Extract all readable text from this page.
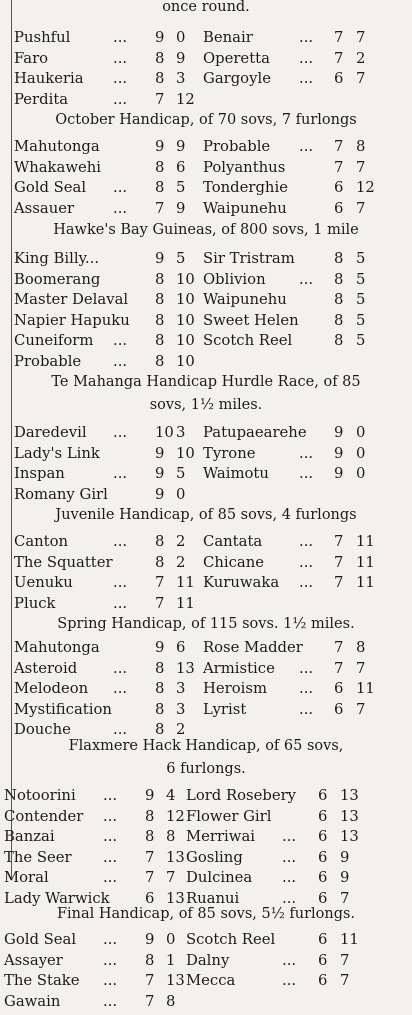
once round.
Pushful	... 9 0 Benair	... 7 7
Faro	... 8 9 Operetta ... 7 2
Haukeria ... 8 3 Gargoyle ... 6 7
Perdita	... 7 12
October Handicap, of 70 sovs, 7 furlongs
Mahutonga	9 9 Probable ... 7 8
Whakawehi	8 6 Polyanthus	7 7
Gold Seal ... 8 5 Tonderghie	6 12
Assauer	... 7 9 Waipunehu	6 7
Hawke's Bay Guineas, of 800 sovs, 1 mile
King Billy...	9 5 Sir Tristram	8 5
Boomerang	8 10 Oblivion ... 8 5
Master Delaval 8 10 Waipunehu	8 5
Napier Hapuku 8 10 Sweet Helen 8 5
Cuneiform ... 8 10 Scotch Reel	8 5
Probable ... 8 10
Te Mahanga Handicap Hurdle Race, of 85
sovs, 1½ miles.
Daredevil ... 10 3 Patupaearehe 9 0
Lady's Link	9 10 Tyrone	... 9 0
Inspan	... 9 5 Waimotu ... 9 0
Romany Girl	9 0
Juvenile Handicap, of 85 sovs, 4 furlongs
Canton	... 8 2 Cantata ... 7 11
The Squatter	8 2 Chicane ... 7 11
Uenuku	... 7 11 Kuruwaka ... 7 11
Pluck	... 7 11
Spring Handicap, of 115 sovs. 1½ miles.
Mahutonga	9 6 Rose Madder 7 8
Asteroid ... 8 13 Armistice ... 7 7
Melodeon ... 8 3 Heroism ... 6 11
Mystification	8 3 Lyrist	... 6 7
Douche	... 8 2
Flaxmere Hack Handicap, of 65 sovs,
6 furlongs.
Notoorini ... 9 4 Lord Rosebery 6 13
Contender ... 8 12 Flower Girl	6 13
Banzai	... 8 8 Merriwai ... 6 13
The Seer ... 7 13 Gosling	... 6 9
Moral	... 7 7 Dulcinea ... 6 9
Lady Warwick 6 13 Ruanui	... 6 7
Final Handicap, of 85 sovs, 5½ furlongs.
Gold Seal ... 9 0 Scotch Reel	6 11
Assayer	... 8 1 Dalny	... 6 7
The Stake ... 7 13 Mecca	... 6 7
Gawain	... 7 8
